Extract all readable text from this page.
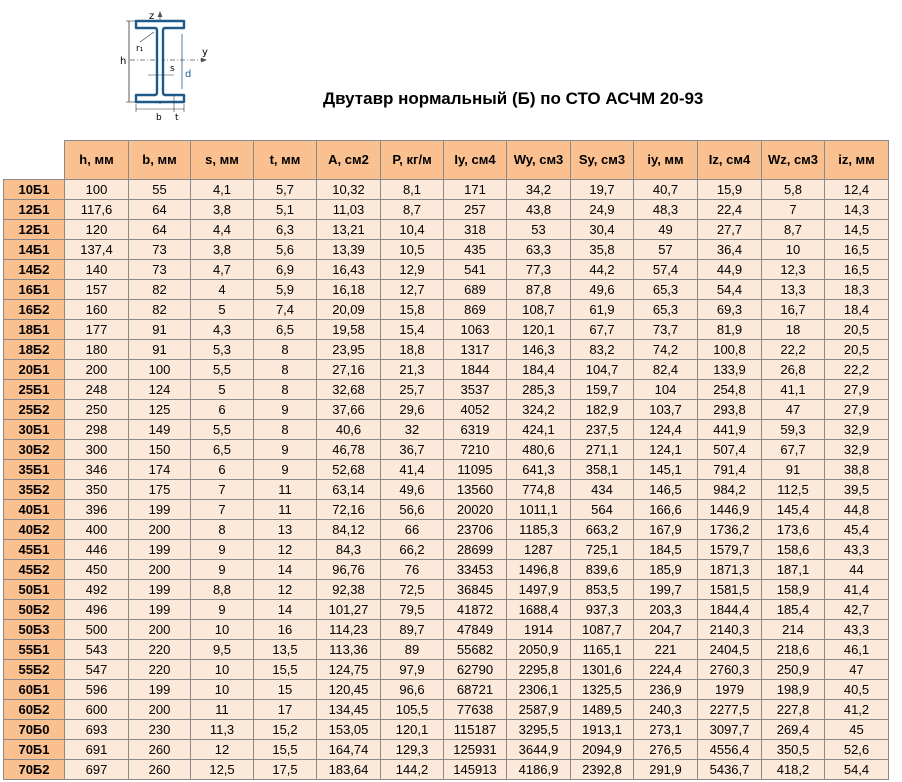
z
y
h
r₁
s d
b t
Двутавр нормальный (Б) по СТО АСЧМ 20-93
	h, мм	b, мм	s, мм	t, мм	A, см2	P, кг/м	Iy, см4	Wy, см3	Sy, см3	iy, мм	Iz, см4	Wz, см3	iz, мм
10Б1	100	55	4,1	5,7	10,32	8,1	171	34,2	19,7	40,7	15,9	5,8	12,4
12Б1	117,6	64	3,8	5,1	11,03	8,7	257	43,8	24,9	48,3	22,4	7	14,3
12Б1	120	64	4,4	6,3	13,21	10,4	318	53	30,4	49	27,7	8,7	14,5
14Б1	137,4	73	3,8	5,6	13,39	10,5	435	63,3	35,8	57	36,4	10	16,5
14Б2	140	73	4,7	6,9	16,43	12,9	541	77,3	44,2	57,4	44,9	12,3	16,5
16Б1	157	82	4	5,9	16,18	12,7	689	87,8	49,6	65,3	54,4	13,3	18,3
16Б2	160	82	5	7,4	20,09	15,8	869	108,7	61,9	65,3	69,3	16,7	18,4
18Б1	177	91	4,3	6,5	19,58	15,4	1063	120,1	67,7	73,7	81,9	18	20,5
18Б2	180	91	5,3	8	23,95	18,8	1317	146,3	83,2	74,2	100,8	22,2	20,5
20Б1	200	100	5,5	8	27,16	21,3	1844	184,4	104,7	82,4	133,9	26,8	22,2
25Б1	248	124	5	8	32,68	25,7	3537	285,3	159,7	104	254,8	41,1	27,9
25Б2	250	125	6	9	37,66	29,6	4052	324,2	182,9	103,7	293,8	47	27,9
30Б1	298	149	5,5	8	40,6	32	6319	424,1	237,5	124,4	441,9	59,3	32,9
30Б2	300	150	6,5	9	46,78	36,7	7210	480,6	271,1	124,1	507,4	67,7	32,9
35Б1	346	174	6	9	52,68	41,4	11095	641,3	358,1	145,1	791,4	91	38,8
35Б2	350	175	7	11	63,14	49,6	13560	774,8	434	146,5	984,2	112,5	39,5
40Б1	396	199	7	11	72,16	56,6	20020	1011,1	564	166,6	1446,9	145,4	44,8
40Б2	400	200	8	13	84,12	66	23706	1185,3	663,2	167,9	1736,2	173,6	45,4
45Б1	446	199	9	12	84,3	66,2	28699	1287	725,1	184,5	1579,7	158,6	43,3
45Б2	450	200	9	14	96,76	76	33453	1496,8	839,6	185,9	1871,3	187,1	44
50Б1	492	199	8,8	12	92,38	72,5	36845	1497,9	853,5	199,7	1581,5	158,9	41,4
50Б2	496	199	9	14	101,27	79,5	41872	1688,4	937,3	203,3	1844,4	185,4	42,7
50Б3	500	200	10	16	114,23	89,7	47849	1914	1087,7	204,7	2140,3	214	43,3
55Б1	543	220	9,5	13,5	113,36	89	55682	2050,9	1165,1	221	2404,5	218,6	46,1
55Б2	547	220	10	15,5	124,75	97,9	62790	2295,8	1301,6	224,4	2760,3	250,9	47
60Б1	596	199	10	15	120,45	96,6	68721	2306,1	1325,5	236,9	1979	198,9	40,5
60Б2	600	200	11	17	134,45	105,5	77638	2587,9	1489,5	240,3	2277,5	227,8	41,2
70Б0	693	230	11,3	15,2	153,05	120,1	115187	3295,5	1913,1	273,1	3097,7	269,4	45
70Б1	691	260	12	15,5	164,74	129,3	125931	3644,9	2094,9	276,5	4556,4	350,5	52,6
70Б2	697	260	12,5	17,5	183,64	144,2	145913	4186,9	2392,8	291,9	5436,7	418,2	54,4
